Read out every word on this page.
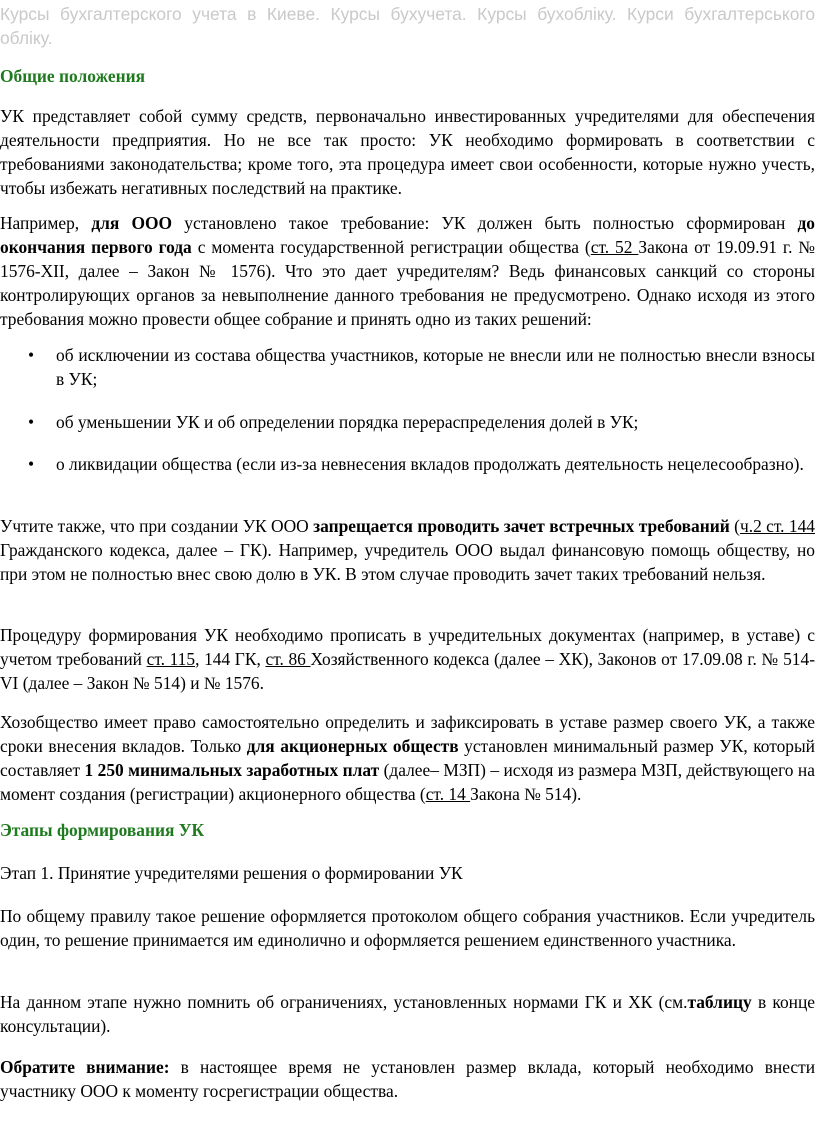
Курсы бухгалтерского учета в Киеве. Курсы бухучета. Курсы бухобліку. Курси бухгалтерського обліку.

Общие положения

УК представляет собой сумму средств, первоначально инвестированных учредителями для обеспечения деятельности предприятия. Но не все так просто: УК необходимо формировать в соответствии с требованиями законодательства; кроме того, эта процедура имеет свои особенности, которые нужно учесть, чтобы избежать негативных последствий на практике.

Например, для ООО установлено такое требование: УК должен быть полностью сформирован до окончания первого года с момента государственной регистрации общества (ст. 52 Закона от 19.09.91 г. № 1576-XII, далее – Закон № 1576). Что это дает учредителям? Ведь финансовых санкций со стороны контролирующих органов за невыполнение данного требования не предусмотрено. Однако исходя из этого требования можно провести общее собрание и принять одно из таких решений:

• об исключении из состава общества участников, которые не внесли или не полностью внесли взносы в УК;
• об уменьшении УК и об определении порядка перераспределения долей в УК;
• о ликвидации общества (если из-за невнесения вкладов продолжать деятельность нецелесообразно).

Учтите также, что при создании УК ООО запрещается проводить зачет встречных требований (ч.2 ст. 144 Гражданского кодекса, далее – ГК). Например, учредитель ООО выдал финансовую помощь обществу, но при этом не полностью внес свою долю в УК. В этом случае проводить зачет таких требований нельзя.

Процедуру формирования УК необходимо прописать в учредительных документах (например, в уставе) с учетом требований ст. 115, 144 ГК, ст. 86 Хозяйственного кодекса (далее – ХК), Законов от 17.09.08 г. № 514-VI (далее – Закон № 514) и № 1576.

Хозобщество имеет право самостоятельно определить и зафиксировать в уставе размер своего УК, а также сроки внесения вкладов. Только для акционерных обществ установлен минимальный размер УК, который составляет 1 250 минимальных заработных плат (далее– МЗП) – исходя из размера МЗП, действующего на момент создания (регистрации) акционерного общества (ст. 14 Закона № 514).

Этапы формирования УК

Этап 1. Принятие учредителями решения о формировании УК

По общему правилу такое решение оформляется протоколом общего собрания участников. Если учредитель один, то решение принимается им единолично и оформляется решением единственного участника.

На данном этапе нужно помнить об ограничениях, установленных нормами ГК и ХК (см.таблицу в конце консультации).

Обратите внимание: в настоящее время не установлен размер вклада, который необходимо внести участнику ООО к моменту госрегистрации общества.
